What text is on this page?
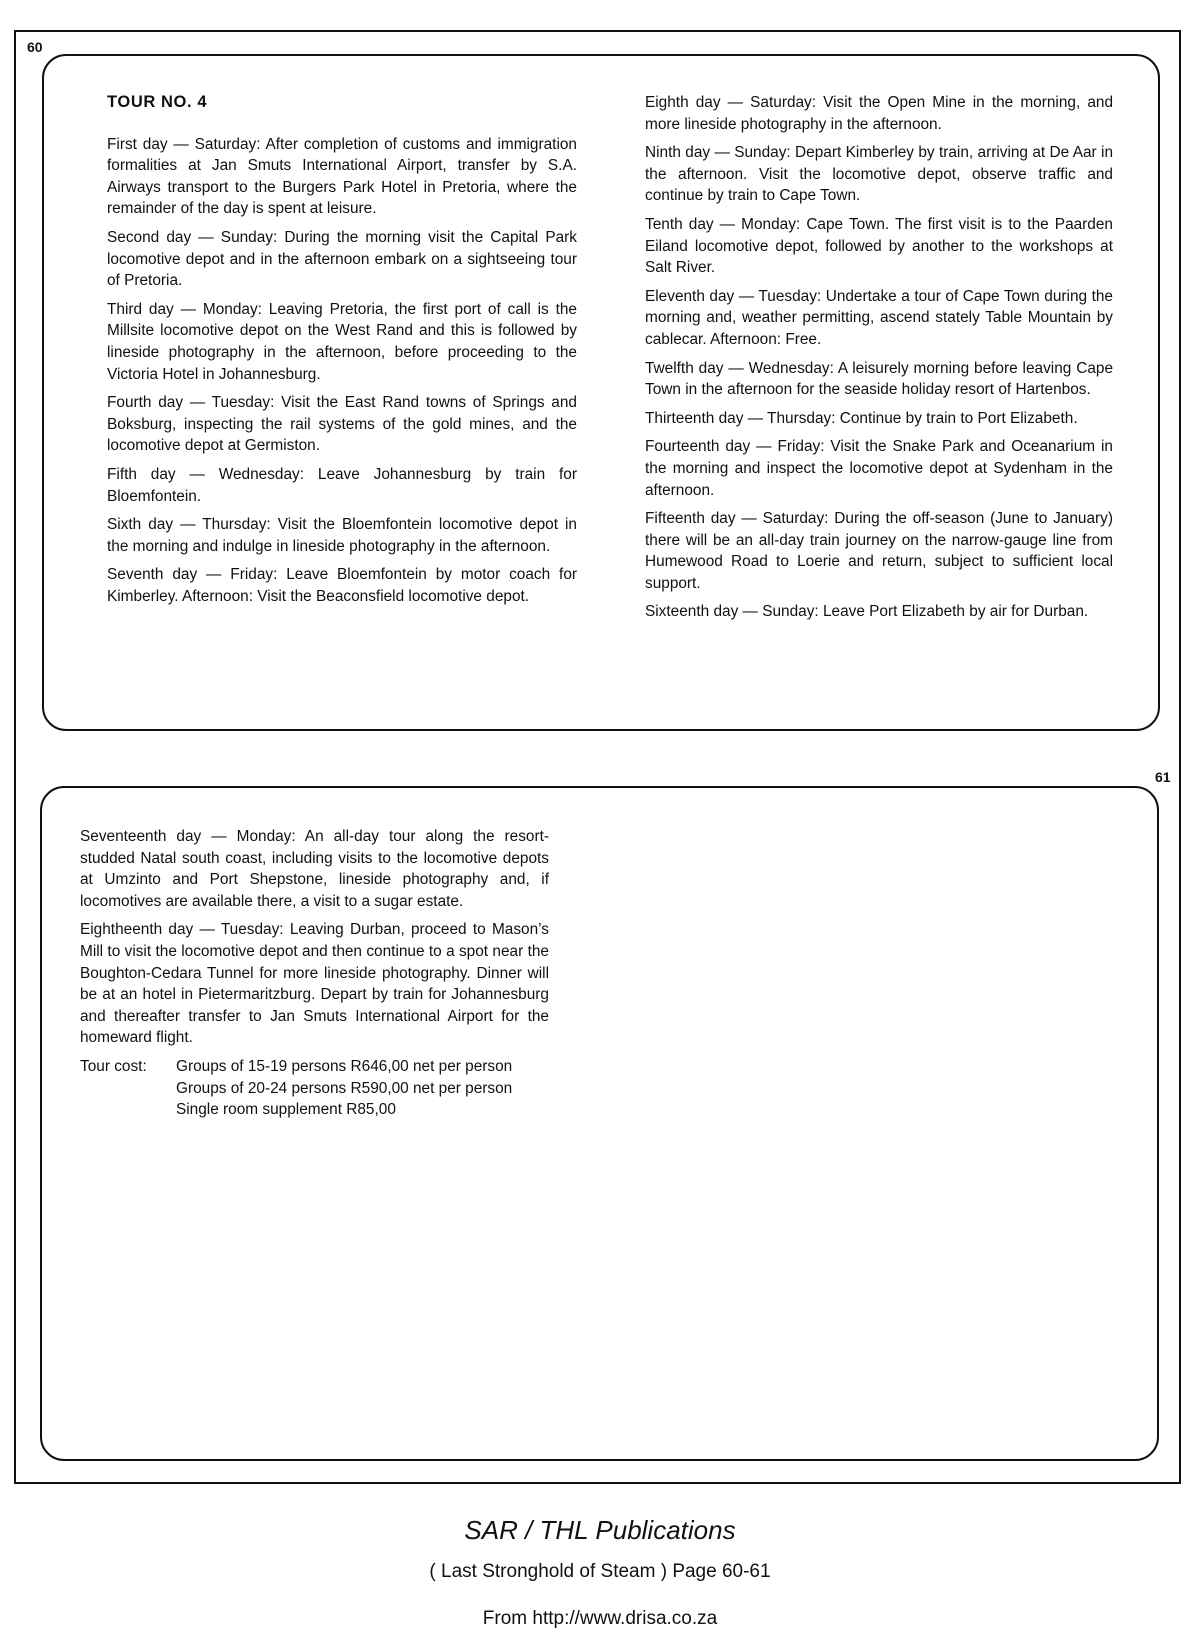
60
61
TOUR NO. 4

First day — Saturday: After completion of customs and immigration formalities at Jan Smuts International Airport, transfer by S.A. Airways transport to the Burgers Park Hotel in Pretoria, where the remainder of the day is spent at leisure.

Second day — Sunday: During the morning visit the Capital Park locomotive depot and in the afternoon embark on a sightseeing tour of Pretoria.

Third day — Monday: Leaving Pretoria, the first port of call is the Millsite locomotive depot on the West Rand and this is followed by lineside photography in the afternoon, before proceeding to the Victoria Hotel in Johannesburg.

Fourth day — Tuesday: Visit the East Rand towns of Springs and Boksburg, inspecting the rail systems of the gold mines, and the locomotive depot at Germiston.

Fifth day — Wednesday: Leave Johannesburg by train for Bloemfontein.

Sixth day — Thursday: Visit the Bloemfontein locomotive depot in the morning and indulge in lineside photography in the afternoon.

Seventh day — Friday: Leave Bloemfontein by motor coach for Kimberley. Afternoon: Visit the Beaconsfield locomotive depot.

Eighth day — Saturday: Visit the Open Mine in the morning, and more lineside photography in the afternoon.

Ninth day — Sunday: Depart Kimberley by train, arriving at De Aar in the afternoon. Visit the locomotive depot, observe traffic and continue by train to Cape Town.

Tenth day — Monday: Cape Town. The first visit is to the Paarden Eiland locomotive depot, followed by another to the workshops at Salt River.

Eleventh day — Tuesday: Undertake a tour of Cape Town during the morning and, weather permitting, ascend stately Table Mountain by cablecar. Afternoon: Free.

Twelfth day — Wednesday: A leisurely morning before leaving Cape Town in the afternoon for the seaside holiday resort of Hartenbos.

Thirteenth day — Thursday: Continue by train to Port Elizabeth.

Fourteenth day — Friday: Visit the Snake Park and Oceanarium in the morning and inspect the locomotive depot at Sydenham in the afternoon.

Fifteenth day — Saturday: During the off-season (June to January) there will be an all-day train journey on the narrow-gauge line from Humewood Road to Loerie and return, subject to sufficient local support.

Sixteenth day — Sunday: Leave Port Elizabeth by air for Durban.

Seventeenth day — Monday: An all-day tour along the resort-studded Natal south coast, including visits to the locomotive depots at Umzinto and Port Shepstone, lineside photography and, if locomotives are available there, a visit to a sugar estate.

Eightheenth day — Tuesday: Leaving Durban, proceed to Mason’s Mill to visit the locomotive depot and then continue to a spot near the Boughton-Cedara Tunnel for more lineside photography. Dinner will be at an hotel in Pietermaritzburg. Depart by train for Johannesburg and thereafter transfer to Jan Smuts International Airport for the homeward flight.

Tour cost:	Groups of 15-19 persons R646,00 net per person
Groups of 20-24 persons R590,00 net per person
Single room supplement R85,00
SAR / THL Publications
( Last Stronghold of Steam ) Page 60-61
From http://www.drisa.co.za
